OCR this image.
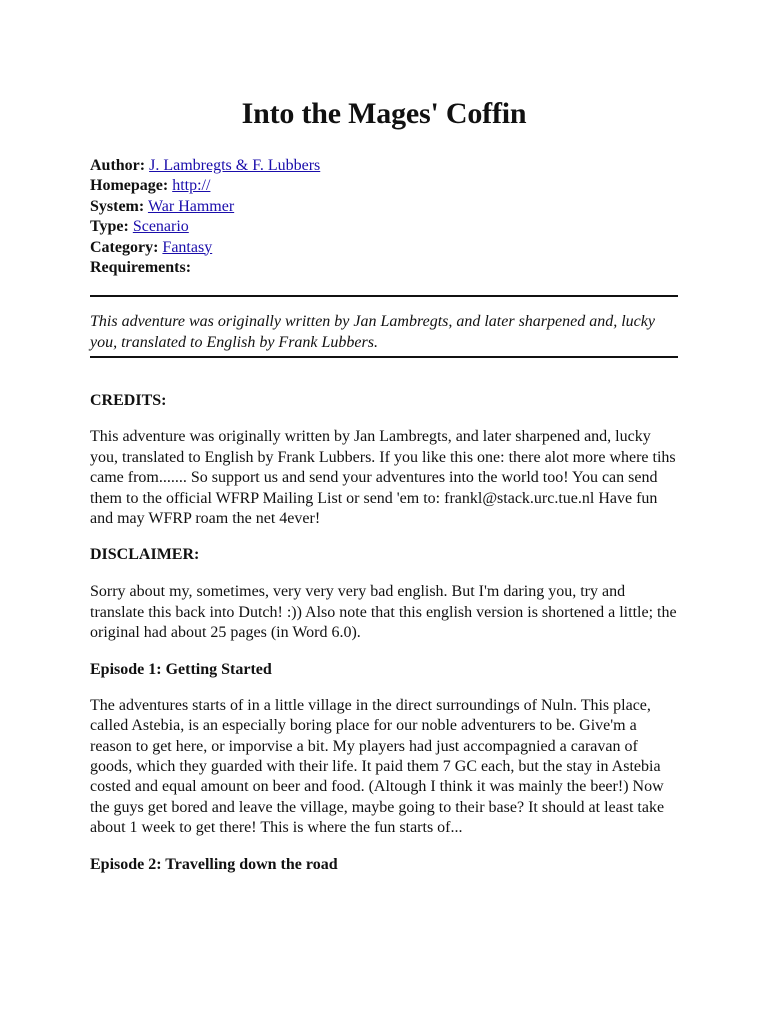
Into the Mages' Coffin
Author: J. Lambregts & F. Lubbers
Homepage: http://
System: War Hammer
Type: Scenario
Category: Fantasy
Requirements:

This adventure was originally written by Jan Lambregts, and later sharpened and, lucky you, translated to English by Frank Lubbers.

CREDITS:

This adventure was originally written by Jan Lambregts, and later sharpened and, lucky you, translated to English by Frank Lubbers. If you like this one: there alot more where tihs came from....... So support us and send your adventures into the world too! You can send them to the official WFRP Mailing List or send 'em to: frankl@stack.urc.tue.nl Have fun and may WFRP roam the net 4ever!

DISCLAIMER:

Sorry about my, sometimes, very very very bad english. But I'm daring you, try and translate this back into Dutch! :)) Also note that this english version is shortened a little; the original had about 25 pages (in Word 6.0).

Episode 1: Getting Started

The adventures starts of in a little village in the direct surroundings of Nuln. This place, called Astebia, is an especially boring place for our noble adventurers to be. Give'm a reason to get here, or imporvise a bit. My players had just accompagnied a caravan of goods, which they guarded with their life. It paid them 7 GC each, but the stay in Astebia costed and equal amount on beer and food. (Altough I think it was mainly the beer!) Now the guys get bored and leave the village, maybe going to their base? It should at least take about 1 week to get there! This is where the fun starts of...

Episode 2: Travelling down the road
